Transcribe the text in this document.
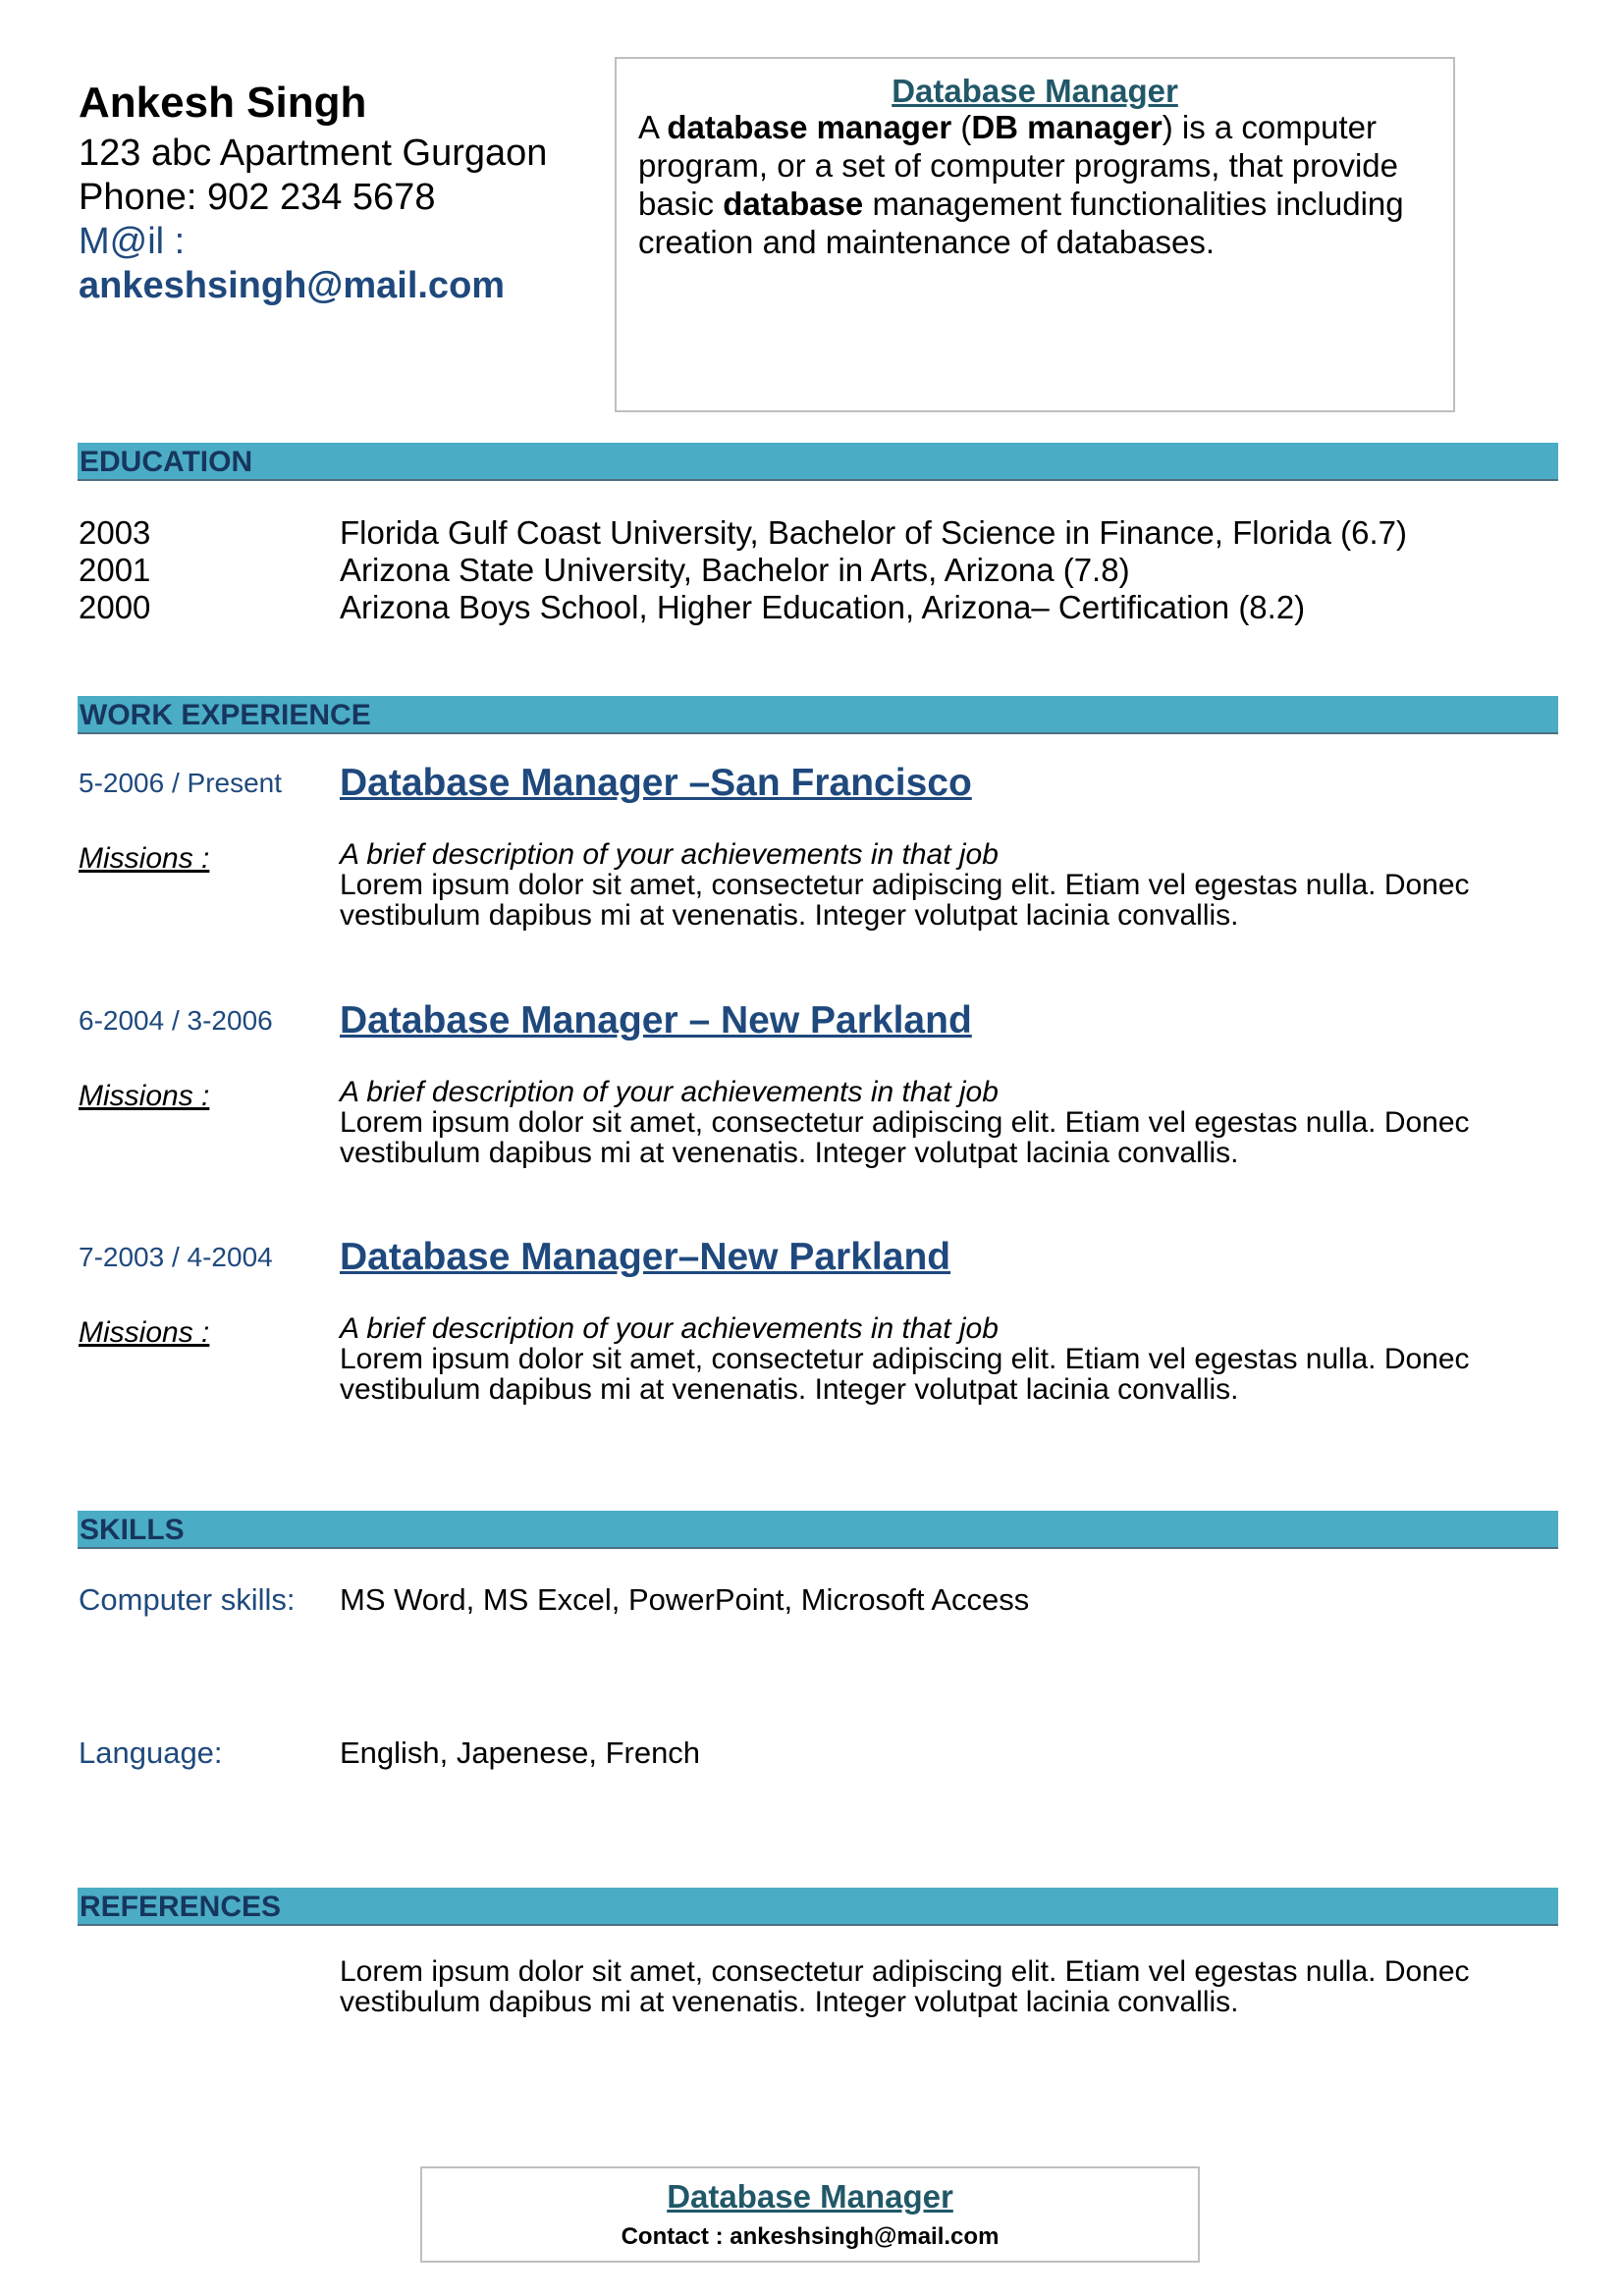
Ankesh Singh
123 abc Apartment Gurgaon
Phone: 902 234 5678
M@il :
ankeshsingh@mail.com
Database Manager
A database manager (DB manager) is a computer program, or a set of computer programs, that provide basic database management functionalities including creation and maintenance of databases.
EDUCATION
2003	Florida Gulf Coast University, Bachelor of Science in Finance, Florida (6.7)
2001	Arizona State University, Bachelor in Arts, Arizona (7.8)
2000	Arizona Boys School, Higher Education, Arizona– Certification (8.2)
WORK EXPERIENCE
5-2006 / Present Database Manager –San Francisco
Missions :	A brief description of your achievements in that job
Lorem ipsum dolor sit amet, consectetur adipiscing elit. Etiam vel egestas nulla. Donec vestibulum dapibus mi at venenatis. Integer volutpat lacinia convallis.
6-2004 / 3-2006 Database Manager – New Parkland
Missions :	A brief description of your achievements in that job
Lorem ipsum dolor sit amet, consectetur adipiscing elit. Etiam vel egestas nulla. Donec vestibulum dapibus mi at venenatis. Integer volutpat lacinia convallis.
7-2003 / 4-2004 Database Manager–New Parkland
Missions :	A brief description of your achievements in that job
Lorem ipsum dolor sit amet, consectetur adipiscing elit. Etiam vel egestas nulla. Donec vestibulum dapibus mi at venenatis. Integer volutpat lacinia convallis.
SKILLS
Computer skills: MS Word, MS Excel, PowerPoint, Microsoft Access
Language:	English, Japenese, French
REFERENCES
Lorem ipsum dolor sit amet, consectetur adipiscing elit. Etiam vel egestas nulla. Donec vestibulum dapibus mi at venenatis. Integer volutpat lacinia convallis.
Database Manager
Contact : ankeshsingh@mail.com
